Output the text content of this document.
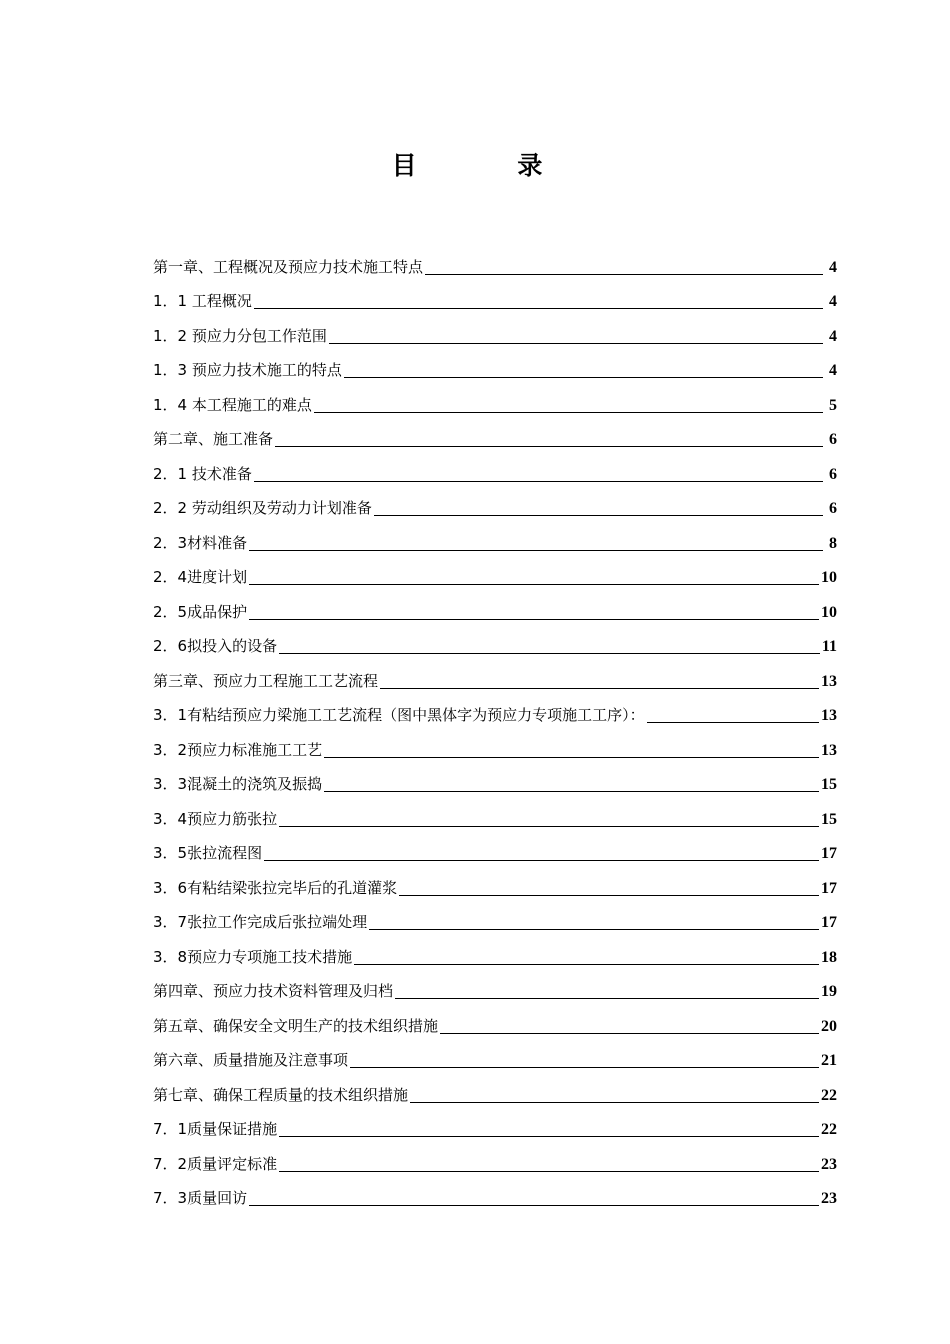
目 录
第一章、工程概况及预应力技术施工特点	4
1．1 工程概况	4
1．2 预应力分包工作范围	4
1．3 预应力技术施工的特点	4
1．4 本工程施工的难点	5
第二章、施工准备	6
2．1 技术准备	6
2．2 劳动组织及劳动力计划准备	6
2．3材料准备	8
2．4进度计划	10
2．5成品保护	10
2．6拟投入的设备	11
第三章、预应力工程施工工艺流程	13
3．1有粘结预应力梁施工工艺流程（图中黑体字为预应力专项施工工序）：	13
3．2预应力标准施工工艺	13
3．3混凝土的浇筑及振捣	15
3．4预应力筋张拉	15
3．5张拉流程图	17
3．6有粘结梁张拉完毕后的孔道灌浆	17
3．7张拉工作完成后张拉端处理	17
3．8预应力专项施工技术措施	18
第四章、预应力技术资料管理及归档	19
第五章、确保安全文明生产的技术组织措施	20
第六章、质量措施及注意事项	21
第七章、确保工程质量的技术组织措施	22
7．1质量保证措施	22
7．2质量评定标准	23
7．3质量回访	23
